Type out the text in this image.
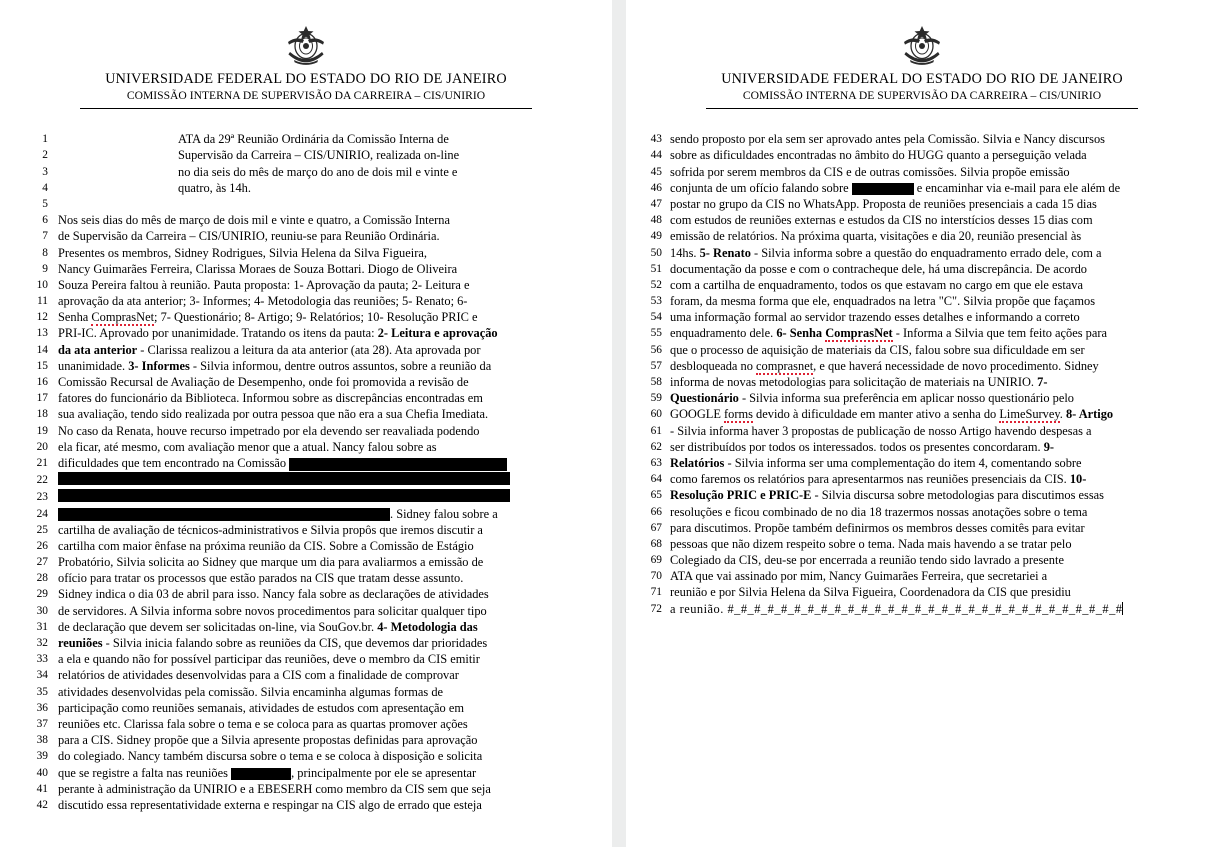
UNIVERSIDADE FEDERAL DO ESTADO DO RIO DE JANEIRO
COMISSÃO INTERNA DE SUPERVISÃO DA CARREIRA – CIS/UNIRIO
1	ATA da 29ª Reunião Ordinária da Comissão Interna de
2	Supervisão da Carreira – CIS/UNIRIO, realizada on-line
3	no dia seis do mês de março do ano de dois mil e vinte e
4	quatro, às 14h.
5
6 Nos seis dias do mês de março de dois mil e vinte e quatro, a Comissão Interna
7 de Supervisão da Carreira – CIS/UNIRIO, reuniu-se para Reunião Ordinária.
8 Presentes os membros, Sidney Rodrigues, Silvia Helena da Silva Figueira,
9 Nancy Guimarães Ferreira, Clarissa Moraes de Souza Bottari. Diogo de Oliveira
10 Souza Pereira faltou à reunião. Pauta proposta: 1- Aprovação da pauta; 2- Leitura e
11 aprovação da ata anterior; 3- Informes; 4- Metodologia das reuniões; 5- Renato; 6-
12 Senha ComprasNet; 7- Questionário; 8- Artigo; 9- Relatórios; 10- Resolução PRIC e
13 PRI-IC. Aprovado por unanimidade. Tratando os itens da pauta: 2- Leitura e aprovação
14 da ata anterior - Clarissa realizou a leitura da ata anterior (ata 28). Ata aprovada por
15 unanimidade. 3- Informes - Silvia informou, dentre outros assuntos, sobre a reunião da
16 Comissão Recursal de Avaliação de Desempenho, onde foi promovida a revisão de
17 fatores do funcionário da Biblioteca. Informou sobre as discrepâncias encontradas em
18 sua avaliação, tendo sido realizada por outra pessoa que não era a sua Chefia Imediata.
19 No caso da Renata, houve recurso impetrado por ela devendo ser reavaliada podendo
20 ela ficar, até mesmo, com avaliação menor que a atual. Nancy falou sobre as
21 dificuldades que tem encontrado na Comissão
22
23
24	. Sidney falou sobre a
25 cartilha de avaliação de técnicos-administrativos e Silvia propôs que iremos discutir a
26 cartilha com maior ênfase na próxima reunião da CIS. Sobre a Comissão de Estágio
27 Probatório, Silvia solicita ao Sidney que marque um dia para avaliarmos a emissão de
28 ofício para tratar os processos que estão parados na CIS que tratam desse assunto.
29 Sidney indica o dia 03 de abril para isso. Nancy fala sobre as declarações de atividades
30 de servidores. A Silvia informa sobre novos procedimentos para solicitar qualquer tipo
31 de declaração que devem ser solicitadas on-line, via SouGov.br. 4- Metodologia das
32 reuniões - Silvia inicia falando sobre as reuniões da CIS, que devemos dar prioridades
33 a ela e quando não for possível participar das reuniões, deve o membro da CIS emitir
34 relatórios de atividades desenvolvidas para a CIS com a finalidade de comprovar
35 atividades desenvolvidas pela comissão. Silvia encaminha algumas formas de
36 participação como reuniões semanais, atividades de estudos com apresentação em
37 reuniões etc. Clarissa fala sobre o tema e se coloca para as quartas promover ações
38 para a CIS. Sidney propõe que a Silvia apresente propostas definidas para aprovação
39 do colegiado. Nancy também discursa sobre o tema e se coloca à disposição e solicita
40 que se registre a falta nas reuniões	, principalmente por ele se apresentar
41 perante à administração da UNIRIO e a EBESERH como membro da CIS sem que seja
42 discutido essa representatividade externa e respingar na CIS algo de errado que esteja
UNIVERSIDADE FEDERAL DO ESTADO DO RIO DE JANEIRO
COMISSÃO INTERNA DE SUPERVISÃO DA CARREIRA – CIS/UNIRIO
43 sendo proposto por ela sem ser aprovado antes pela Comissão. Silvia e Nancy discursos
44 sobre as dificuldades encontradas no âmbito do HUGG quanto a perseguição velada
45 sofrida por serem membros da CIS e de outras comissões. Silvia propõe emissão
46 conjunta de um ofício falando sobre	e encaminhar via e-mail para ele além de
47 postar no grupo da CIS no WhatsApp. Proposta de reuniões presenciais a cada 15 dias
48 com estudos de reuniões externas e estudos da CIS no interstícios desses 15 dias com
49 emissão de relatórios. Na próxima quarta, visitações e dia 20, reunião presencial às
50 14hs. 5- Renato - Silvia informa sobre a questão do enquadramento errado dele, com a
51 documentação da posse e com o contracheque dele, há uma discrepância. De acordo
52 com a cartilha de enquadramento, todos os que estavam no cargo em que ele estava
53 foram, da mesma forma que ele, enquadrados na letra "C". Silvia propõe que façamos
54 uma informação formal ao servidor trazendo esses detalhes e informando a correto
55 enquadramento dele. 6- Senha ComprasNet - Informa a Silvia que tem feito ações para
56 que o processo de aquisição de materiais da CIS, falou sobre sua dificuldade em ser
57 desbloqueada no comprasnet, e que haverá necessidade de novo procedimento. Sidney
58 informa de novas metodologias para solicitação de materiais na UNIRIO. 7-
59 Questionário - Silvia informa sua preferência em aplicar nosso questionário pelo
60 GOOGLE forms devido à dificuldade em manter ativo a senha do LimeSurvey. 8- Artigo
61 - Silvia informa haver 3 propostas de publicação de nosso Artigo havendo despesas a
62 ser distribuídos por todos os interessados. todos os presentes concordaram. 9-
63 Relatórios - Silvia informa ser uma complementação do item 4, comentando sobre
64 como faremos os relatórios para apresentarmos nas reuniões presenciais da CIS. 10-
65 Resolução PRIC e PRIC-E - Silvia discursa sobre metodologias para discutimos essas
66 resoluções e ficou combinado de no dia 18 trazermos nossas anotações sobre o tema
67 para discutimos. Propõe também definirmos os membros desses comitês para evitar
68 pessoas que não dizem respeito sobre o tema. Nada mais havendo a se tratar pelo
69 Colegiado da CIS, deu-se por encerrada a reunião tendo sido lavrado a presente
70 ATA que vai assinado por mim, Nancy Guimarães Ferreira, que secretariei a
71 reunião e por Silvia Helena da Silva Figueira, Coordenadora da CIS que presidiu
72 a reunião. #_#_#_#_#_#_#_#_#_#_#_#_#_#_#_#_#_#_#_#_#_#_#_#_#_#_#_#_#_#
